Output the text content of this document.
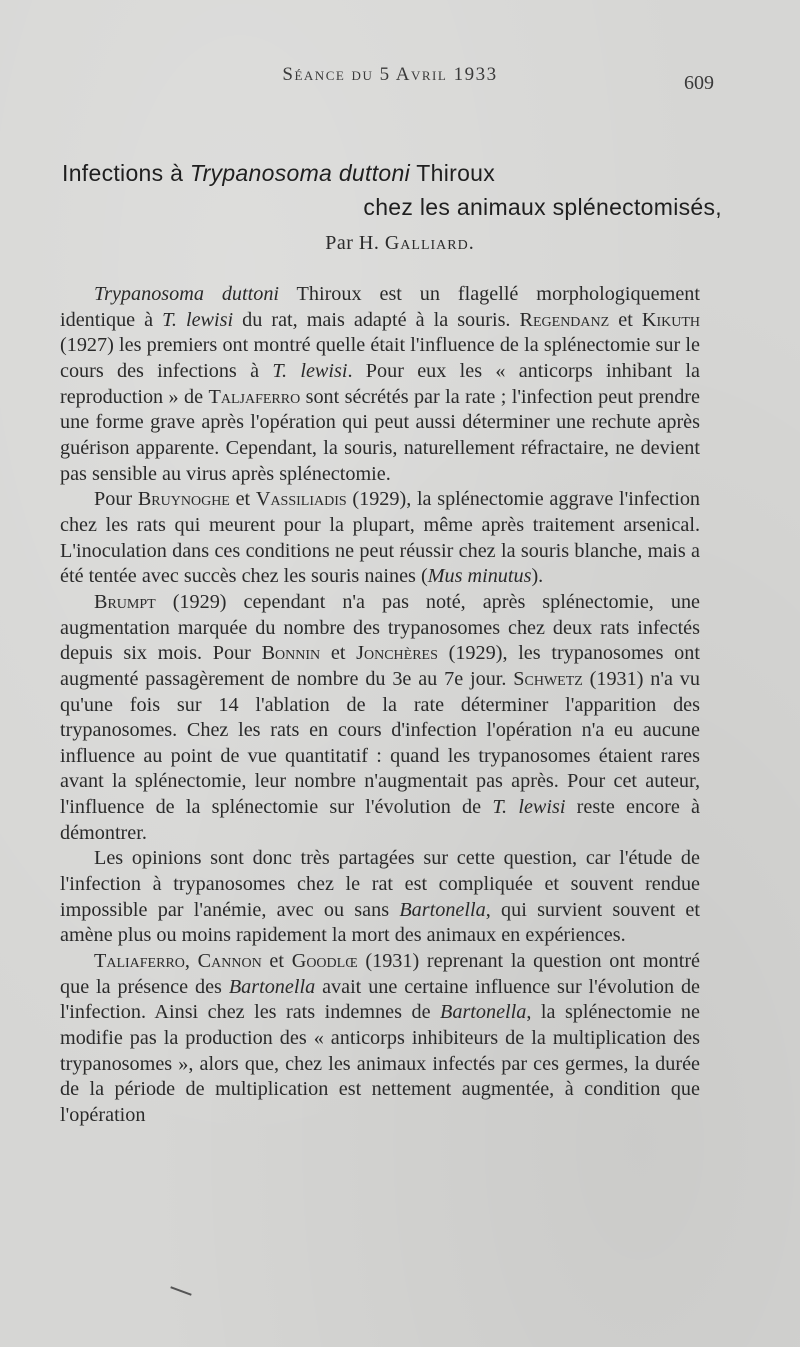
Séance du 5 Avril 1933	609
Infections à Trypanosoma duttoni Thiroux
chez les animaux splénectomisés,
Par H. Galliard.

Trypanosoma duttoni Thiroux est un flagellé morphologiquement identique à T. lewisi du rat, mais adapté à la souris. Regendanz et Kikuth (1927) les premiers ont montré quelle était l'influence de la splénectomie sur le cours des infections à T. lewisi. Pour eux les « anticorps inhibant la reproduction » de Taljaferro sont sécrétés par la rate ; l'infection peut prendre une forme grave après l'opération qui peut aussi déterminer une rechute après guérison apparente. Cependant, la souris, naturellement réfractaire, ne devient pas sensible au virus après splénectomie.

Pour Bruynoghe et Vassiliadis (1929), la splénectomie aggrave l'infection chez les rats qui meurent pour la plupart, même après traitement arsenical. L'inoculation dans ces conditions ne peut réussir chez la souris blanche, mais a été tentée avec succès chez les souris naines (Mus minutus).

Brumpt (1929) cependant n'a pas noté, après splénectomie, une augmentation marquée du nombre des trypanosomes chez deux rats infectés depuis six mois. Pour Bonnin et Jonchères (1929), les trypanosomes ont augmenté passagèrement de nombre du 3e au 7e jour. Schwetz (1931) n'a vu qu'une fois sur 14 l'ablation de la rate déterminer l'apparition des trypanosomes. Chez les rats en cours d'infection l'opération n'a eu aucune influence au point de vue quantitatif : quand les trypanosomes étaient rares avant la splénectomie, leur nombre n'augmentait pas après. Pour cet auteur, l'influence de la splénectomie sur l'évolution de T. lewisi reste encore à démontrer.

Les opinions sont donc très partagées sur cette question, car l'étude de l'infection à trypanosomes chez le rat est compliquée et souvent rendue impossible par l'anémie, avec ou sans Bartonella, qui survient souvent et amène plus ou moins rapidement la mort des animaux en expériences.

Taliaferro, Cannon et Goodlœ (1931) reprenant la question ont montré que la présence des Bartonella avait une certaine influence sur l'évolution de l'infection. Ainsi chez les rats indemnes de Bartonella, la splénectomie ne modifie pas la production des « anticorps inhibiteurs de la multiplication des trypanosomes », alors que, chez les animaux infectés par ces germes, la durée de la période de multiplication est nettement augmentée, à condition que l'opération
